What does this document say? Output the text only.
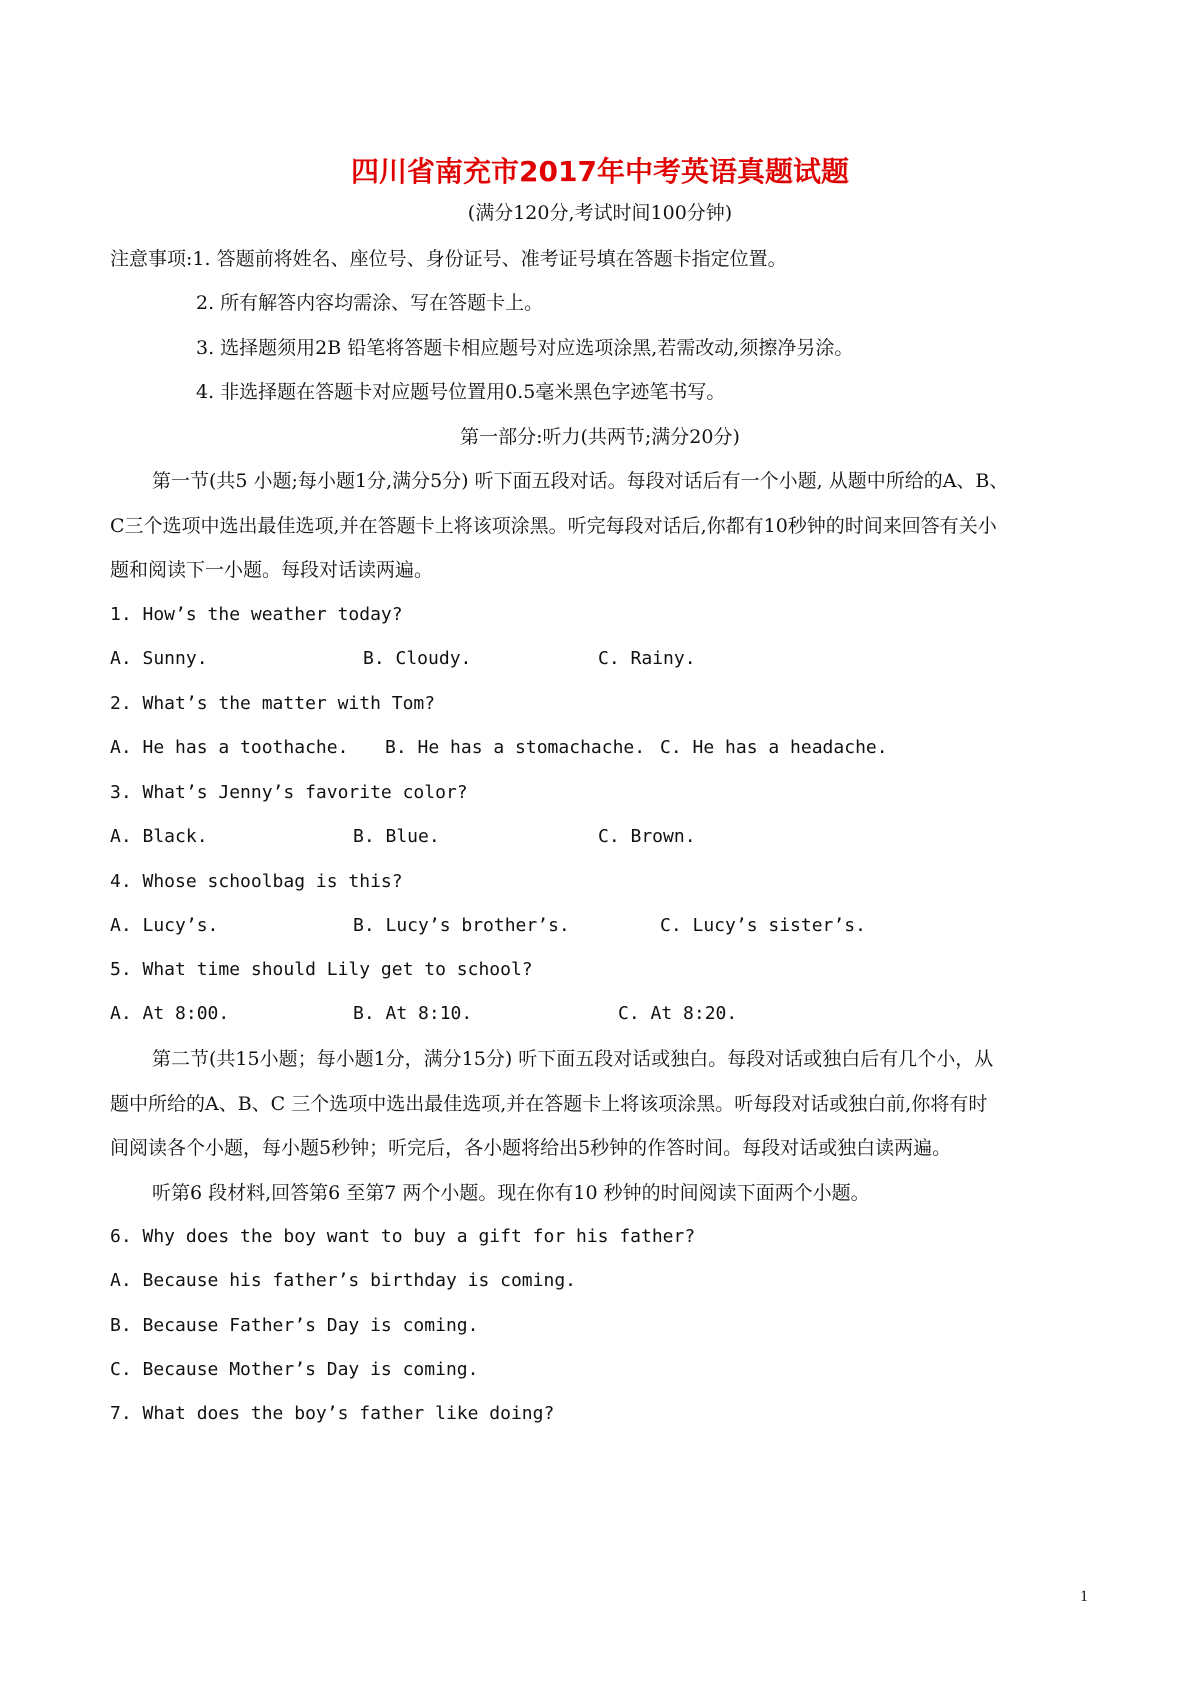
四川省南充市2017年中考英语真题试题
(满分120分,考试时间100分钟)
注意事项:1. 答题前将姓名、座位号、身份证号、准考证号填在答题卡指定位置。
2. 所有解答内容均需涂、写在答题卡上。
3. 选择题须用2B 铅笔将答题卡相应题号对应选项涂黑,若需改动,须擦净另涂。
4. 非选择题在答题卡对应题号位置用0.5毫米黑色字迹笔书写。
第一部分:听力(共两节;满分20分)
第一节(共5 小题;每小题1分,满分5分) 听下面五段对话。每段对话后有一个小题, 从题中所给的A、B、
C三个选项中选出最佳选项,并在答题卡上将该项涂黑。听完每段对话后,你都有10秒钟的时间来回答有关小
题和阅读下一小题。每段对话读两遍。
1. How’s the weather today?
A. Sunny.	B. Cloudy.	C. Rainy.
2. What’s the matter with Tom?
A. He has a toothache. B. He has a stomachache. C. He has a headache.
3. What’s Jenny’s favorite color?
A. Black.	B. Blue.	C. Brown.
4. Whose schoolbag is this?
A. Lucy’s.	B. Lucy’s brother’s.	C. Lucy’s sister’s.
5. What time should Lily get to school?
A. At 8:00.	B. At 8:10.	C. At 8:20.
第二节(共15小题；每小题1分，满分15分) 听下面五段对话或独白。每段对话或独白后有几个小，从
题中所给的A、B、C 三个选项中选出最佳选项,并在答题卡上将该项涂黑。听每段对话或独白前,你将有时
间阅读各个小题，每小题5秒钟；听完后，各小题将给出5秒钟的作答时间。每段对话或独白读两遍。
听第6 段材料,回答第6 至第7 两个小题。现在你有10 秒钟的时间阅读下面两个小题。
6. Why does the boy want to buy a gift for his father?
A. Because his father’s birthday is coming.
B. Because Father’s Day is coming.
C. Because Mother’s Day is coming.
7. What does the boy’s father like doing?
1
